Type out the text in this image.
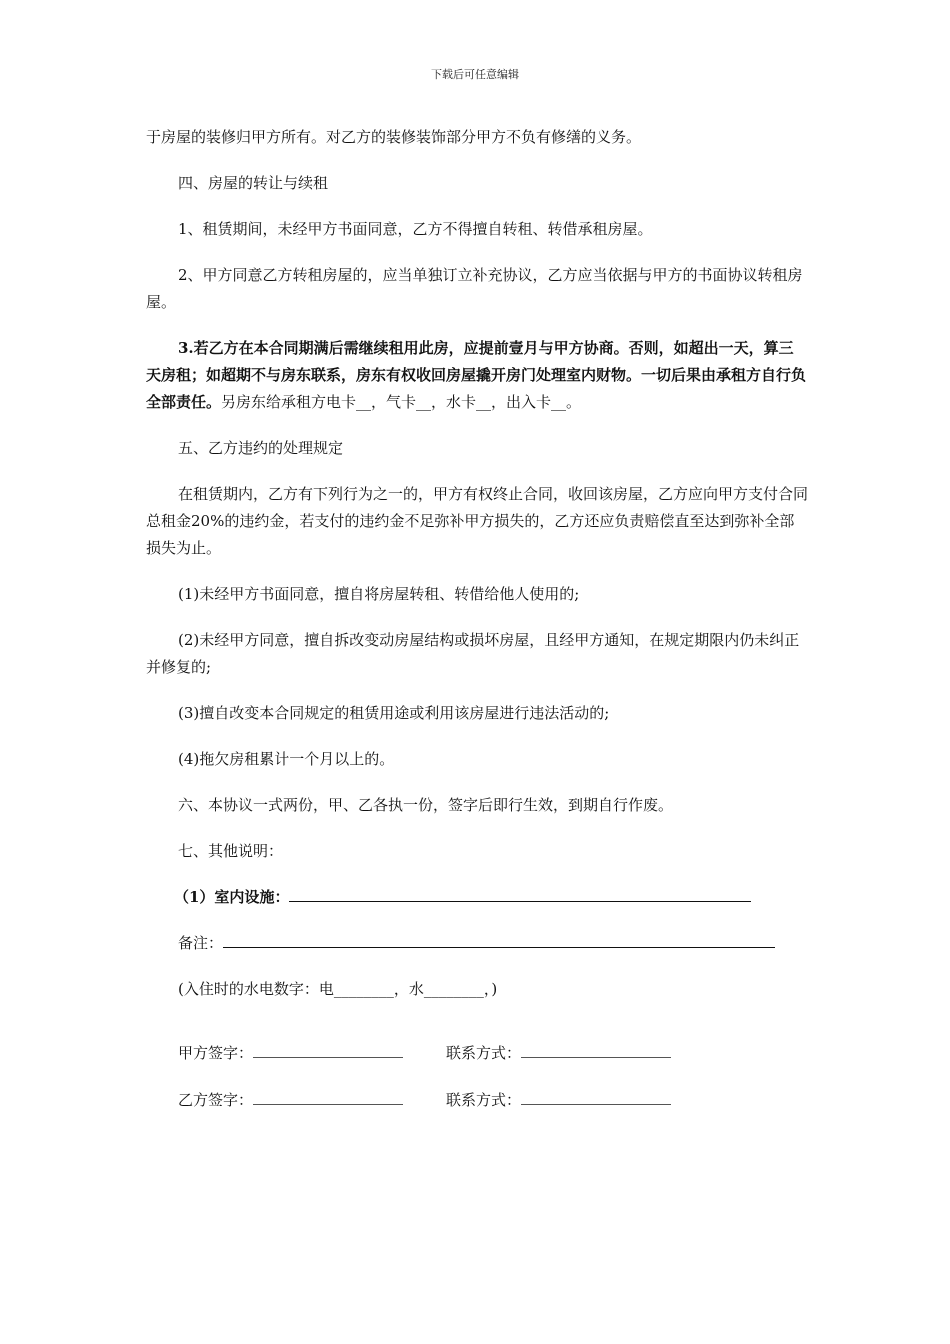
下载后可任意编辑

于房屋的装修归甲方所有。对乙方的装修装饰部分甲方不负有修缮的义务。

四、房屋的转让与续租

1、租赁期间，未经甲方书面同意，乙方不得擅自转租、转借承租房屋。

2、甲方同意乙方转租房屋的，应当单独订立补充协议，乙方应当依据与甲方的书面协议转租房屋。

3.若乙方在本合同期满后需继续租用此房，应提前壹月与甲方协商。否则，如超出一天，算三天房租；如超期不与房东联系，房东有权收回房屋撬开房门处理室内财物。一切后果由承租方自行负全部责任。另房东给承租方电卡__，气卡__，水卡__，出入卡__。

五、乙方违约的处理规定

在租赁期内，乙方有下列行为之一的，甲方有权终止合同，收回该房屋，乙方应向甲方支付合同总租金20%的违约金，若支付的违约金不足弥补甲方损失的，乙方还应负责赔偿直至达到弥补全部损失为止。

(1)未经甲方书面同意，擅自将房屋转租、转借给他人使用的;

(2)未经甲方同意，擅自拆改变动房屋结构或损坏房屋，且经甲方通知，在规定期限内仍未纠正并修复的;

(3)擅自改变本合同规定的租赁用途或利用该房屋进行违法活动的;

(4)拖欠房租累计一个月以上的。

六、本协议一式两份，甲、乙各执一份，签字后即行生效，到期自行作废。

七、其他说明：

（1）室内设施：

备注：

(入住时的水电数字：电________，水________，)

甲方签字：	联系方式：
乙方签字：	联系方式：
